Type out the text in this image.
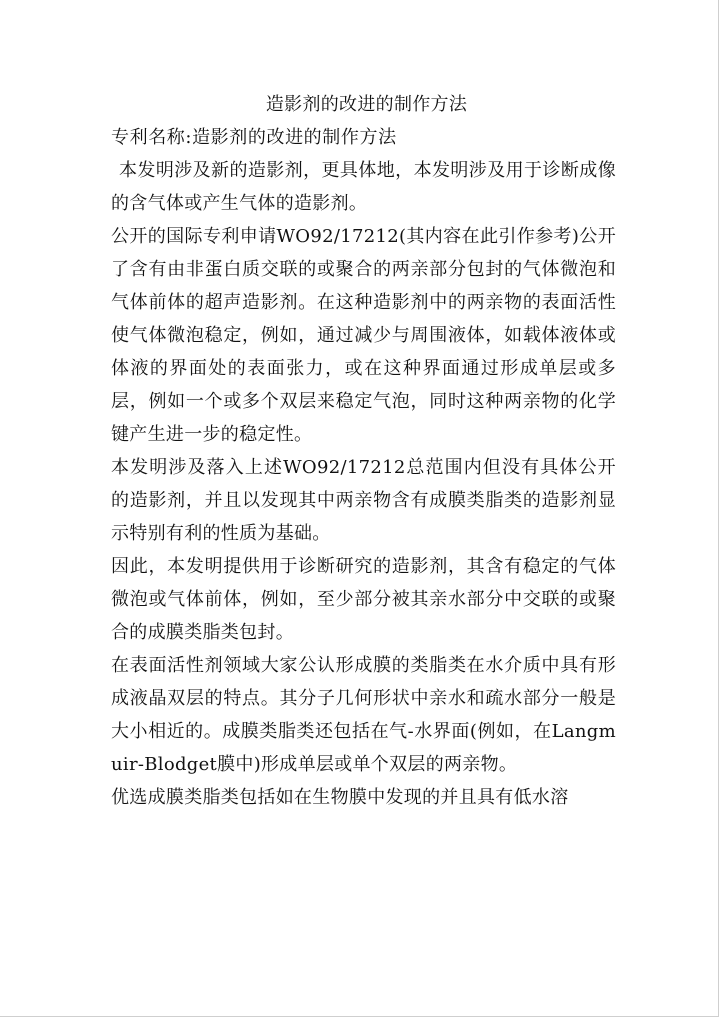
造影剂的改进的制作方法

专利名称:造影剂的改进的制作方法

本发明涉及新的造影剂，更具体地，本发明涉及用于诊断成像的含气体或产生气体的造影剂。

公开的国际专利申请WO92/17212(其内容在此引作参考)公开了含有由非蛋白质交联的或聚合的两亲部分包封的气体微泡和气体前体的超声造影剂。在这种造影剂中的两亲物的表面活性使气体微泡稳定，例如，通过减少与周围液体，如载体液体或体液的界面处的表面张力，或在这种界面通过形成单层或多层，例如一个或多个双层来稳定气泡，同时这种两亲物的化学键产生进一步的稳定性。

本发明涉及落入上述WO92/17212总范围内但没有具体公开的造影剂，并且以发现其中两亲物含有成膜类脂类的造影剂显示特别有利的性质为基础。

因此，本发明提供用于诊断研究的造影剂，其含有稳定的气体微泡或气体前体，例如，至少部分被其亲水部分中交联的或聚合的成膜类脂类包封。

在表面活性剂领域大家公认形成膜的类脂类在水介质中具有形成液晶双层的特点。其分子几何形状中亲水和疏水部分一般是大小相近的。成膜类脂类还包括在气-水界面(例如，在Langmuir-Blodget膜中)形成单层或单个双层的两亲物。

优选成膜类脂类包括如在生物膜中发现的并且具有低水溶
